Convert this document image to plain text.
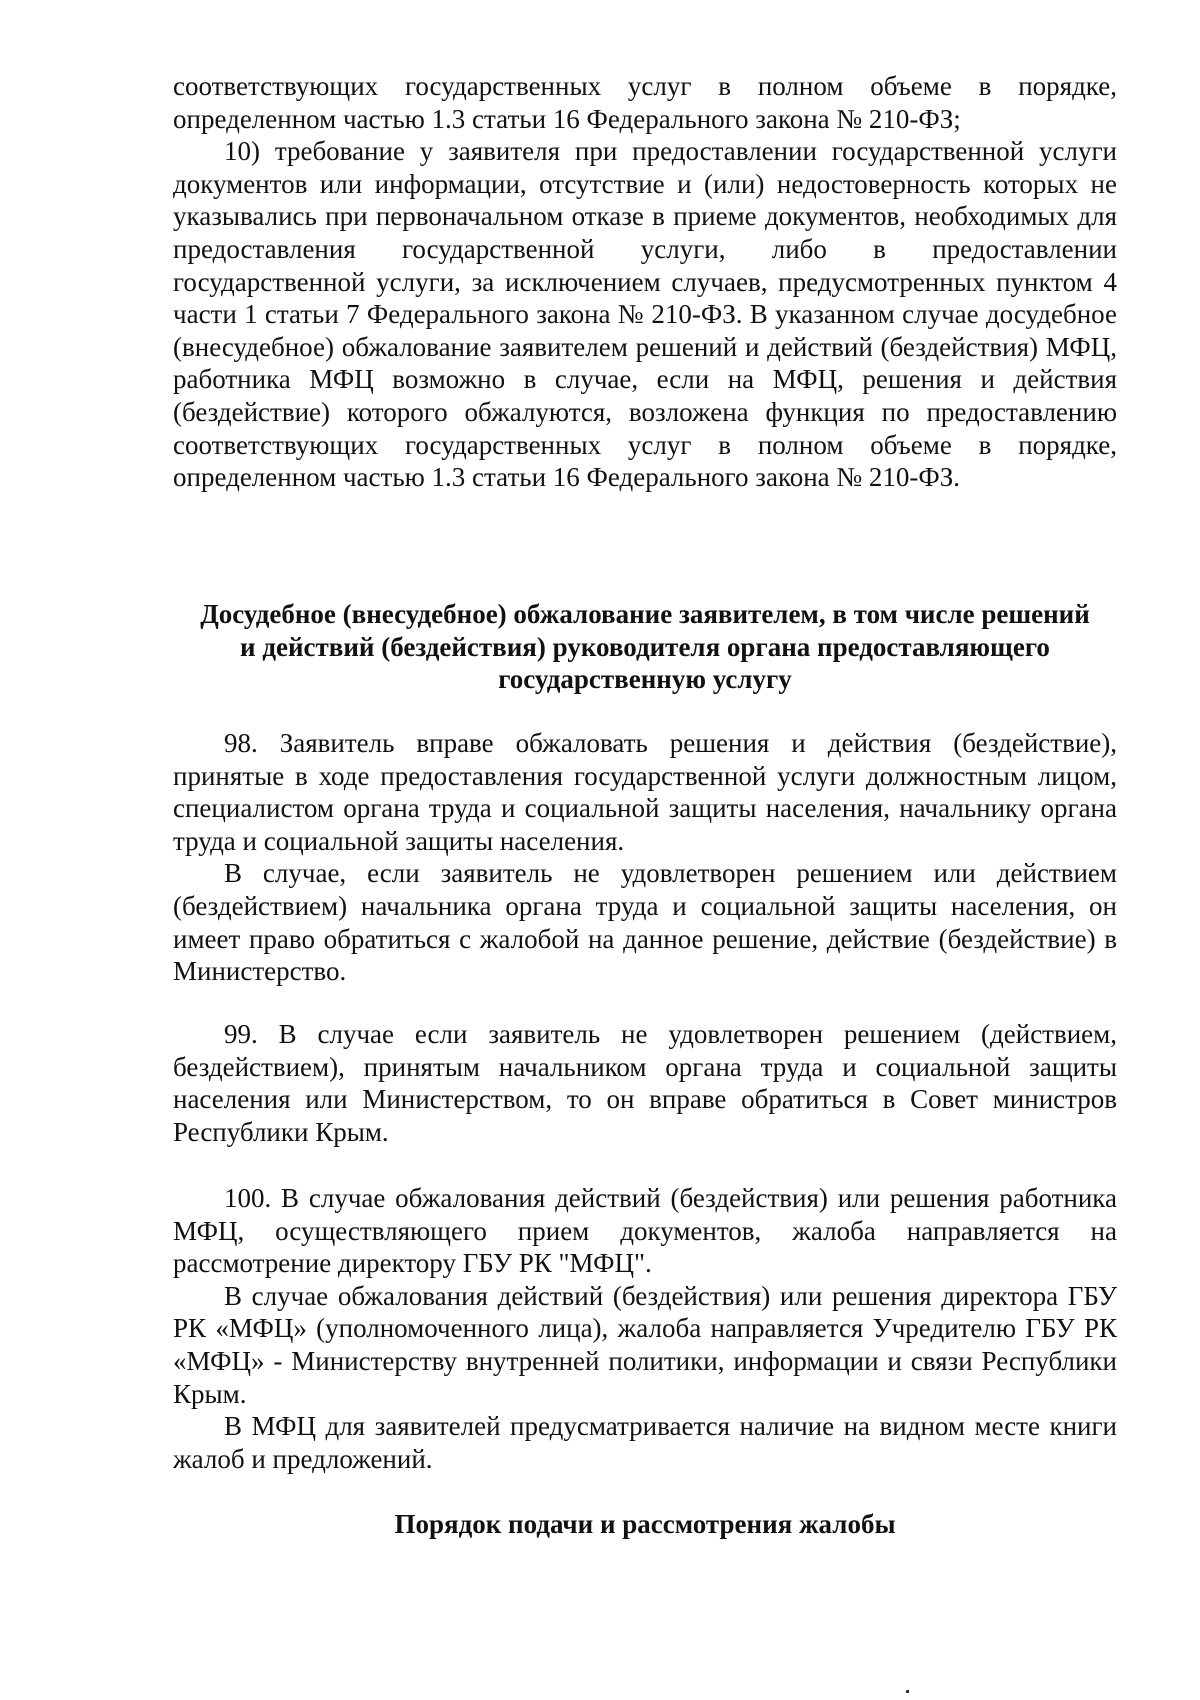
соответствующих государственных услуг в полном объеме в порядке, определенном частью 1.3 статьи 16 Федерального закона № 210-ФЗ;

10) требование у заявителя при предоставлении государственной услуги документов или информации, отсутствие и (или) недостоверность которых не указывались при первоначальном отказе в приеме документов, необходимых для предоставления государственной услуги, либо в предоставлении государственной услуги, за исключением случаев, предусмотренных пунктом 4 части 1 статьи 7 Федерального закона № 210-ФЗ. В указанном случае досудебное (внесудебное) обжалование заявителем решений и действий (бездействия) МФЦ, работника МФЦ возможно в случае, если на МФЦ, решения и действия (бездействие) которого обжалуются, возложена функция по предоставлению соответствующих государственных услуг в полном объеме в порядке, определенном частью 1.3 статьи 16 Федерального закона № 210-ФЗ.

Досудебное (внесудебное) обжалование заявителем, в том числе решений
и действий (бездействия) руководителя органа предоставляющего
государственную услугу

98. Заявитель вправе обжаловать решения и действия (бездействие), принятые в ходе предоставления государственной услуги должностным лицом, специалистом органа труда и социальной защиты населения, начальнику органа труда и социальной защиты населения.

В случае, если заявитель не удовлетворен решением или действием (бездействием) начальника органа труда и социальной защиты населения, он имеет право обратиться с жалобой на данное решение, действие (бездействие) в Министерство.

99. В случае если заявитель не удовлетворен решением (действием, бездействием), принятым начальником органа труда и социальной защиты населения или Министерством, то он вправе обратиться в Совет министров Республики Крым.

100. В случае обжалования действий (бездействия) или решения работника МФЦ, осуществляющего прием документов, жалоба направляется на рассмотрение директору ГБУ РК "МФЦ".

В случае обжалования действий (бездействия) или решения директора ГБУ РК «МФЦ» (уполномоченного лица), жалоба направляется Учредителю ГБУ РК «МФЦ» - Министерству внутренней политики, информации и связи Республики Крым.

В МФЦ для заявителей предусматривается наличие на видном месте книги жалоб и предложений.

Порядок подачи и рассмотрения жалобы
